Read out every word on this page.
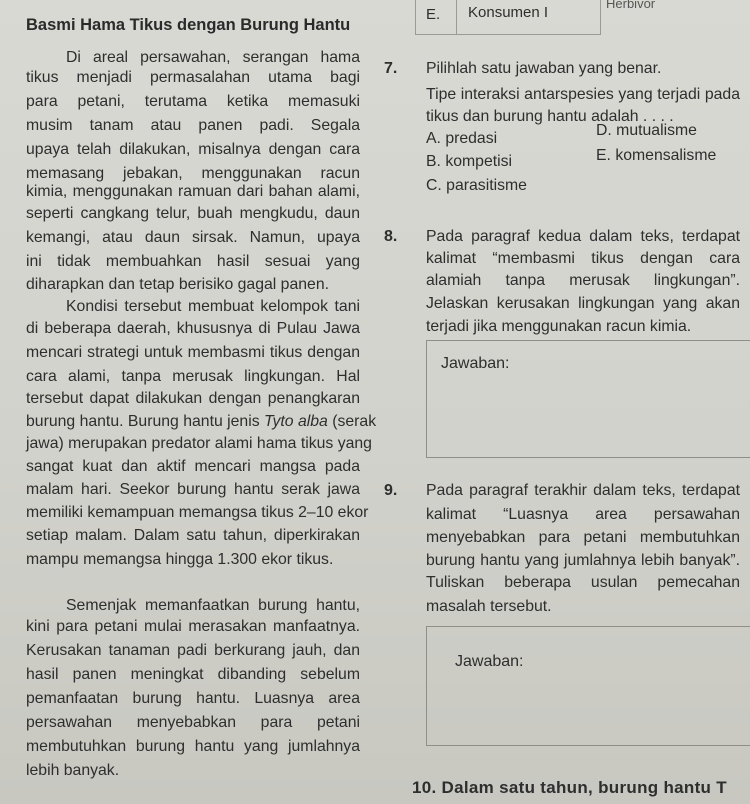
E. Konsumen I
Herbivor
Basmi Hama Tikus dengan Burung Hantu
Di areal persawahan, serangan hama
tikus menjadi permasalahan utama bagi
para petani, terutama ketika memasuki
musim tanam atau panen padi. Segala
upaya telah dilakukan, misalnya dengan cara
memasang jebakan, menggunakan racun
kimia, menggunakan ramuan dari bahan alami,
seperti cangkang telur, buah mengkudu, daun
kemangi, atau daun sirsak. Namun, upaya
ini tidak membuahkan hasil sesuai yang
diharapkan dan tetap berisiko gagal panen.
Kondisi tersebut membuat kelompok tani
di beberapa daerah, khususnya di Pulau Jawa
mencari strategi untuk membasmi tikus dengan
cara alami, tanpa merusak lingkungan. Hal
tersebut dapat dilakukan dengan penangkaran
burung hantu. Burung hantu jenis Tyto alba (serak
jawa) merupakan predator alami hama tikus yang
sangat kuat dan aktif mencari mangsa pada
malam hari. Seekor burung hantu serak jawa
memiliki kemampuan memangsa tikus 2–10 ekor
setiap malam. Dalam satu tahun, diperkirakan
mampu memangsa hingga 1.300 ekor tikus.
Semenjak memanfaatkan burung hantu,
kini para petani mulai merasakan manfaatnya.
Kerusakan tanaman padi berkurang jauh, dan
hasil panen meningkat dibanding sebelum
pemanfaatan burung hantu. Luasnya area
persawahan menyebabkan para petani
membutuhkan burung hantu yang jumlahnya
lebih banyak.
7. Pilihlah satu jawaban yang benar.
Tipe interaksi antarspesies yang terjadi pada
tikus dan burung hantu adalah . . . .
A. predasi	D. mutualisme
B. kompetisi	E. komensalisme
C. parasitisme
8. Pada paragraf kedua dalam teks, terdapat
kalimat “membasmi tikus dengan cara
alamiah tanpa merusak lingkungan”.
Jelaskan kerusakan lingkungan yang akan
terjadi jika menggunakan racun kimia.
Jawaban:
9. Pada paragraf terakhir dalam teks, terdapat
kalimat “Luasnya area persawahan
menyebabkan para petani membutuhkan
burung hantu yang jumlahnya lebih banyak”.
Tuliskan beberapa usulan pemecahan
masalah tersebut.
Jawaban:
10. Dalam satu tahun, burung hantu T
